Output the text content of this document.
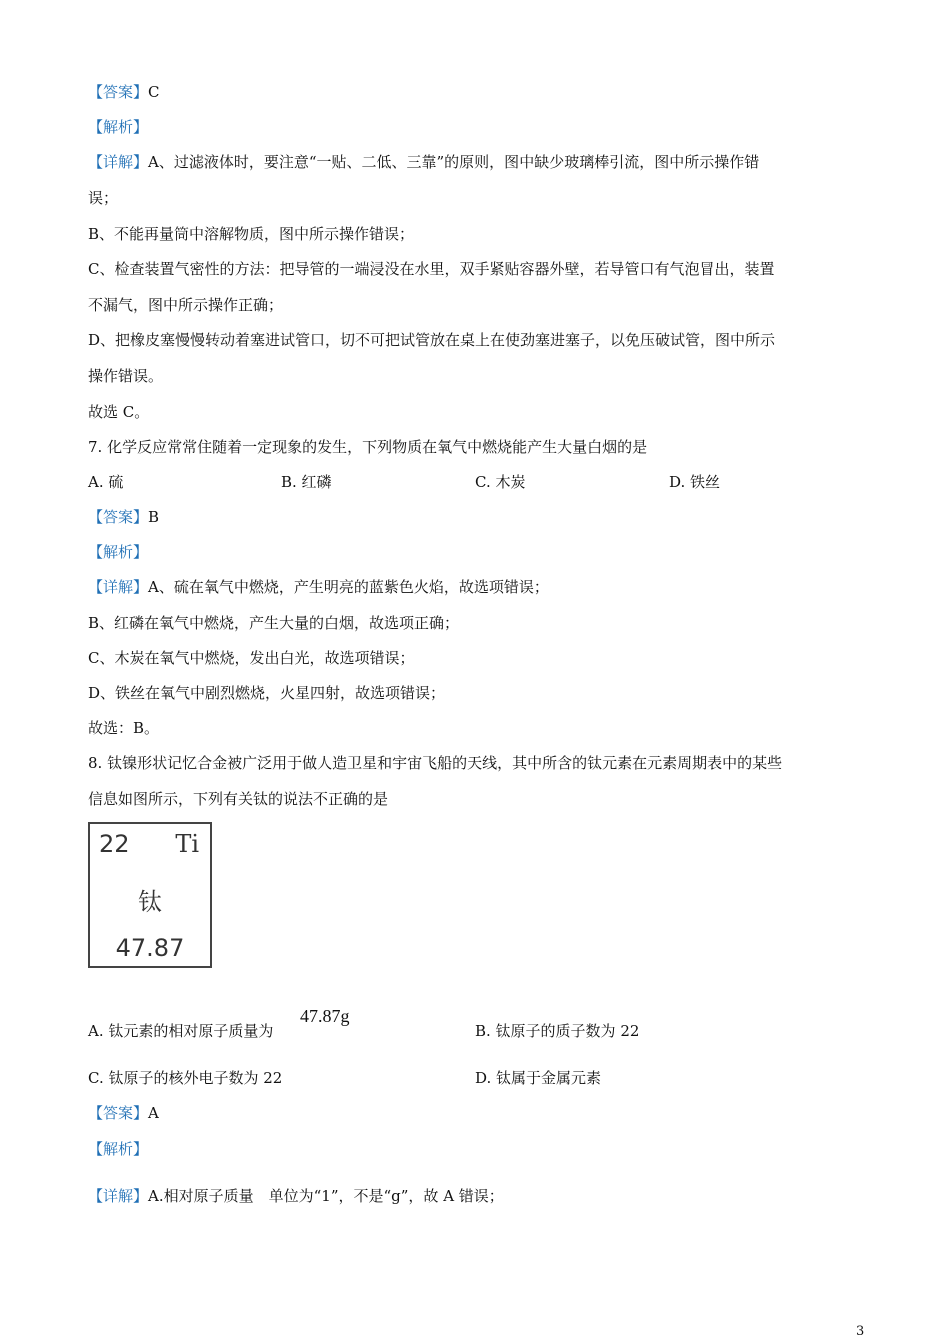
【答案】C
【解析】
【详解】A、过滤液体时，要注意“一贴、二低、三靠”的原则，图中缺少玻璃棒引流，图中所示操作错
误；
B、不能再量筒中溶解物质，图中所示操作错误；
C、检查装置气密性的方法：把导管的一端浸没在水里，双手紧贴容器外壁，若导管口有气泡冒出，装置
不漏气，图中所示操作正确；
D、把橡皮塞慢慢转动着塞进试管口，切不可把试管放在桌上在使劲塞进塞子，以免压破试管，图中所示
操作错误。
故选 C。
7. 化学反应常常住随着一定现象的发生，下列物质在氧气中燃烧能产生大量白烟的是
A. 硫	B. 红磷	C. 木炭	D. 铁丝
【答案】B
【解析】
【详解】A、硫在氧气中燃烧，产生明亮的蓝紫色火焰，故选项错误；
B、红磷在氧气中燃烧，产生大量的白烟，故选项正确；
C、木炭在氧气中燃烧，发出白光，故选项错误；
D、铁丝在氧气中剧烈燃烧，火星四射，故选项错误；
故选：B。
8. 钛镍形状记忆合金被广泛用于做人造卫星和宇宙飞船的天线，其中所含的钛元素在元素周期表中的某些
信息如图所示，下列有关钛的说法不正确的是
22 Ti
钛
47.87
A. 钛元素的相对原子质量为
47.87g
B. 钛原子的质子数为 22
C. 钛原子的核外电子数为 22	D. 钛属于金属元素
【答案】A
【解析】
【详解】A.相对原子质量　单位为“1”，不是“g”，故 A 错误；
3
